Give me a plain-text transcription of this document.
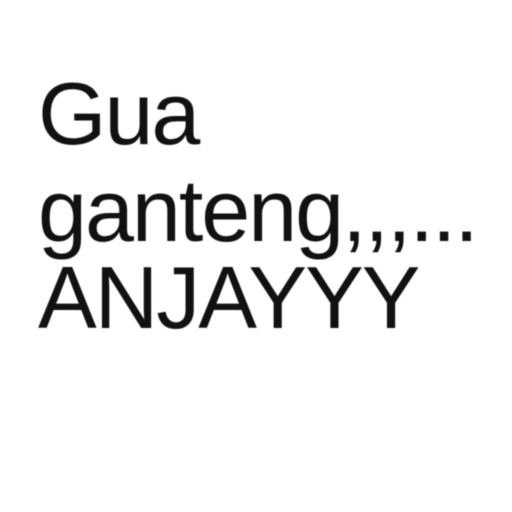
Gua
ganteng,,,...
ANJAYYY
